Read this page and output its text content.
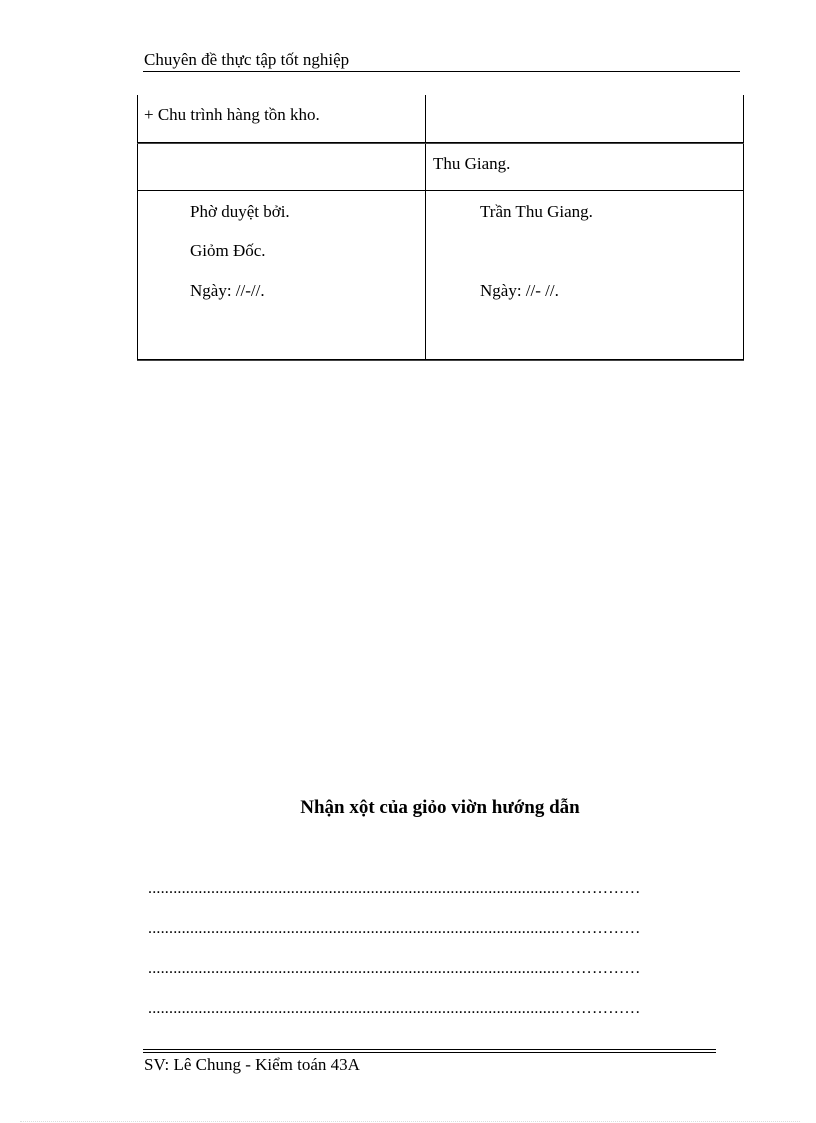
Chuyên đề thực tập tốt nghiệp
+ Chu trình hàng tồn kho.
Thu Giang.
Phờ duyệt bởi.
Giỏm Đốc.
Ngày: //-//.
Trần Thu Giang.
Ngày: //- //.
Nhận xột của giỏo viờn hướng dẫn
..................................................................................................……………
..................................................................................................……………
..................................................................................................……………
..................................................................................................……………
SV: Lê Chung - Kiểm toán 43A
